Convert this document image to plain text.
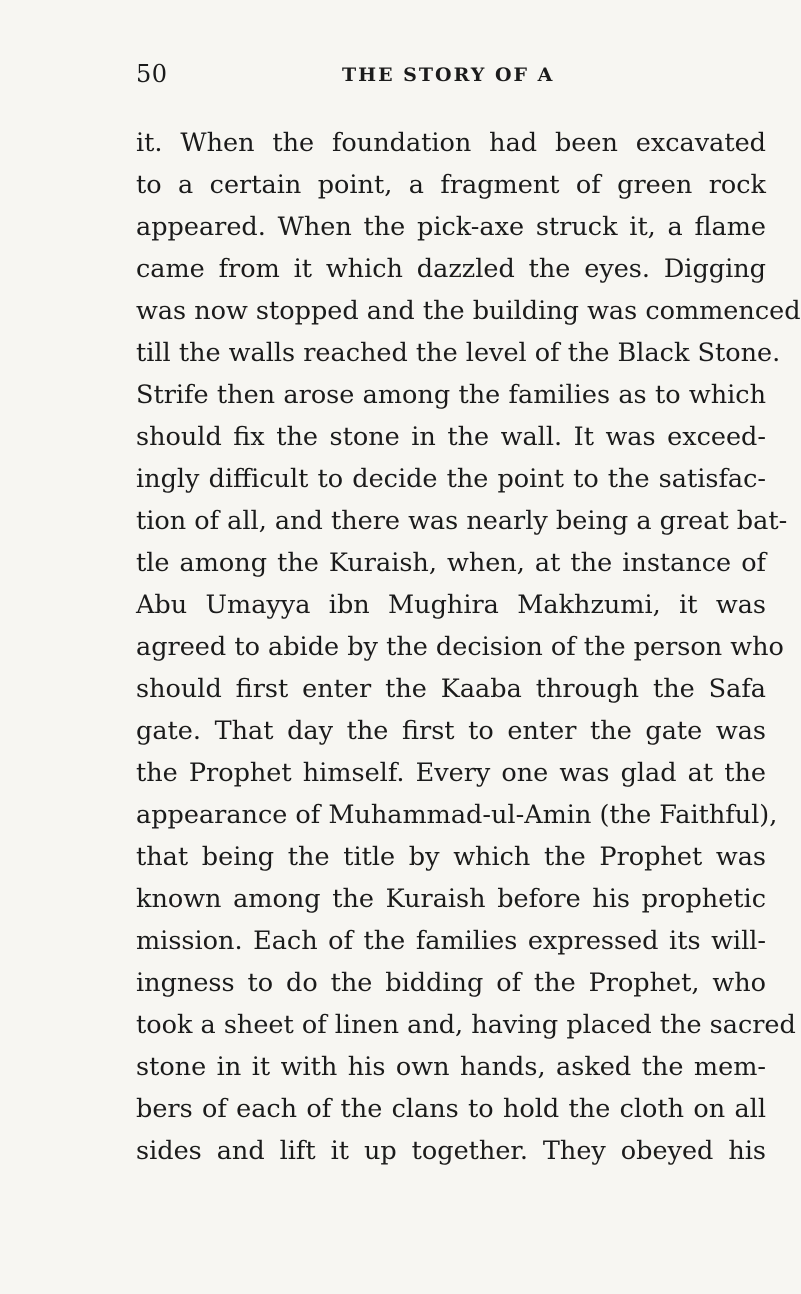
50	THE STORY OF A
it. When the foundation had been excavated
to a certain point, a fragment of green rock
appeared. When the pick-axe struck it, a flame
came from it which dazzled the eyes. Digging
was now stopped and the building was commenced
till the walls reached the level of the Black Stone.
Strife then arose among the families as to which
should fix the stone in the wall. It was exceed-
ingly difficult to decide the point to the satisfac-
tion of all, and there was nearly being a great bat-
tle among the Kuraish, when, at the instance of
Abu Umayya ibn Mughira Makhzumi, it was
agreed to abide by the decision of the person who
should first enter the Kaaba through the Safa
gate. That day the first to enter the gate was
the Prophet himself. Every one was glad at the
appearance of Muhammad-ul-Amin (the Faithful),
that being the title by which the Prophet was
known among the Kuraish before his prophetic
mission. Each of the families expressed its will-
ingness to do the bidding of the Prophet, who
took a sheet of linen and, having placed the sacred
stone in it with his own hands, asked the mem-
bers of each of the clans to hold the cloth on all
sides and lift it up together. They obeyed his
